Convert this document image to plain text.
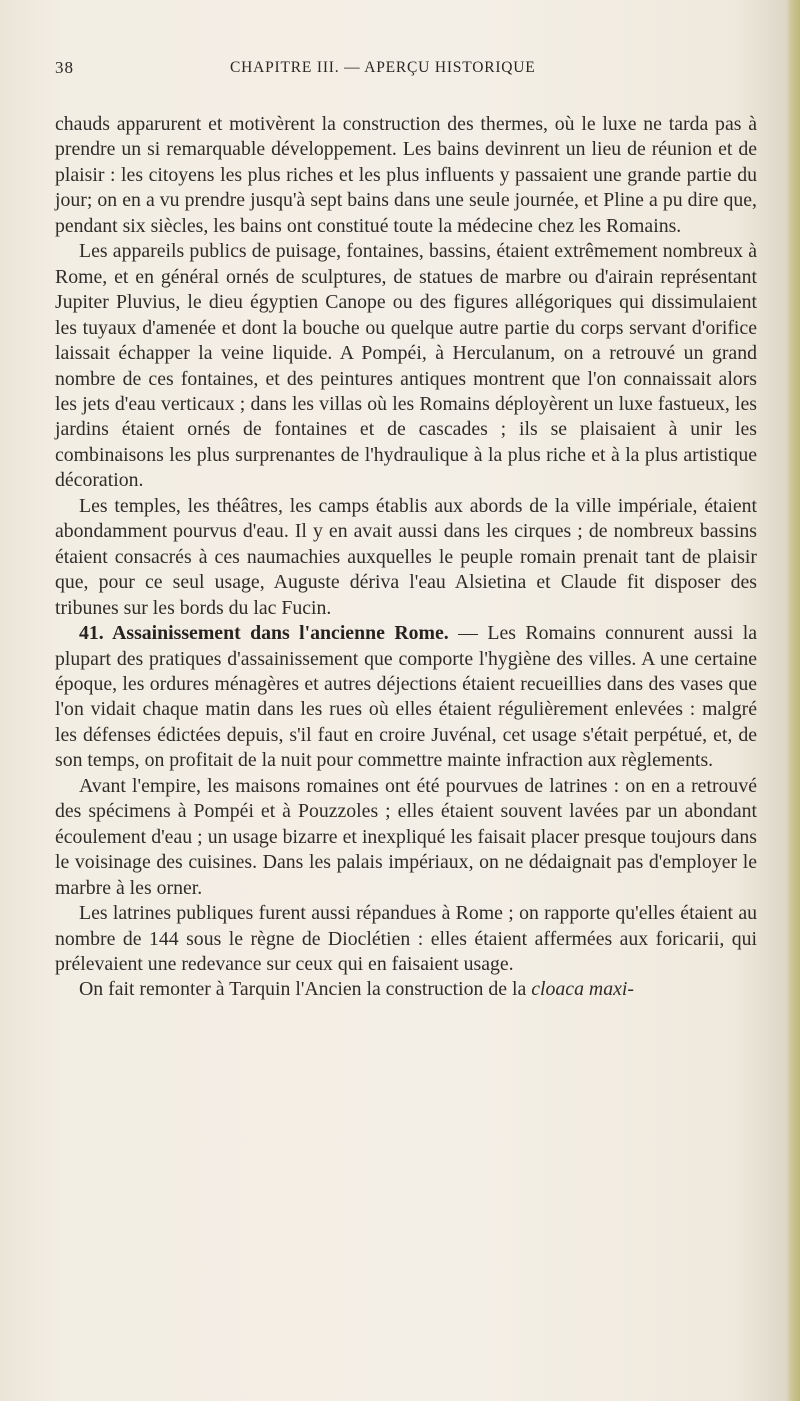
38	CHAPITRE III. — APERÇU HISTORIQUE

chauds apparurent et motivèrent la construction des thermes, où le luxe ne tarda pas à prendre un si remarquable développement. Les bains devinrent un lieu de réunion et de plaisir : les citoyens les plus riches et les plus influents y passaient une grande partie du jour; on en a vu prendre jusqu'à sept bains dans une seule journée, et Pline a pu dire que, pendant six siècles, les bains ont constitué toute la médecine chez les Romains.

Les appareils publics de puisage, fontaines, bassins, étaient extrêmement nombreux à Rome, et en général ornés de sculptures, de statues de marbre ou d'airain représentant Jupiter Pluvius, le dieu égyptien Canope ou des figures allégoriques qui dissimulaient les tuyaux d'amenée et dont la bouche ou quelque autre partie du corps servant d'orifice laissait échapper la veine liquide. A Pompéi, à Herculanum, on a retrouvé un grand nombre de ces fontaines, et des peintures antiques montrent que l'on connaissait alors les jets d'eau verticaux ; dans les villas où les Romains déployèrent un luxe fastueux, les jardins étaient ornés de fontaines et de cascades ; ils se plaisaient à unir les combinaisons les plus surprenantes de l'hydraulique à la plus riche et à la plus artistique décoration.

Les temples, les théâtres, les camps établis aux abords de la ville impériale, étaient abondamment pourvus d'eau. Il y en avait aussi dans les cirques ; de nombreux bassins étaient consacrés à ces naumachies auxquelles le peuple romain prenait tant de plaisir que, pour ce seul usage, Auguste dériva l'eau Alsietina et Claude fit disposer des tribunes sur les bords du lac Fucin.

41. Assainissement dans l'ancienne Rome. — Les Romains connurent aussi la plupart des pratiques d'assainissement que comporte l'hygiène des villes. A une certaine époque, les ordures ménagères et autres déjections étaient recueillies dans des vases que l'on vidait chaque matin dans les rues où elles étaient régulièrement enlevées : malgré les défenses édictées depuis, s'il faut en croire Juvénal, cet usage s'était perpétué, et, de son temps, on profitait de la nuit pour commettre mainte infraction aux règlements.

Avant l'empire, les maisons romaines ont été pourvues de latrines : on en a retrouvé des spécimens à Pompéi et à Pouzzoles ; elles étaient souvent lavées par un abondant écoulement d'eau ; un usage bizarre et inexpliqué les faisait placer presque toujours dans le voisinage des cuisines. Dans les palais impériaux, on ne dédaignait pas d'employer le marbre à les orner.

Les latrines publiques furent aussi répandues à Rome ; on rapporte qu'elles étaient au nombre de 144 sous le règne de Dioclétien : elles étaient affermées aux foricarii, qui prélevaient une redevance sur ceux qui en faisaient usage.

On fait remonter à Tarquin l'Ancien la construction de la cloaca maxi-
